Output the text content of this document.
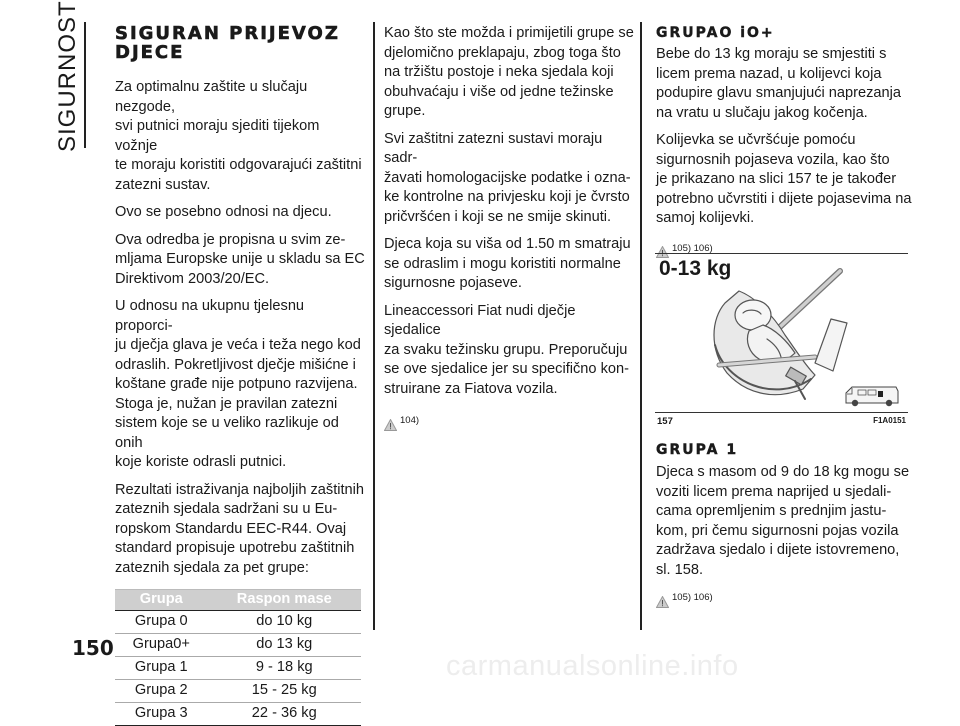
SIGURNOST SIGURAN PRIJEVOZ
DJECE

Za optimalnu zaštite u slučaju nezgode,
svi putnici moraju sjediti tijekom vožnje
te moraju koristiti odgovarajući zaštitni
zatezni sustav.

Ovo se posebno odnosi na djecu.

Ova odredba je propisna u svim ze-
mljama Europske unije u skladu sa EC
Direktivom 2003/20/EC.

U odnosu na ukupnu tjelesnu proporci-
ju dječja glava je veća i teža nego kod
odraslih. Pokretljivost dječje mišićne i
koštane građe nije potpuno razvijena.
Stoga je, nužan je pravilan zatezni
sistem koje se u veliko razlikuje od onih
koje koriste odrasli putnici.

Rezultati istraživanja najboljih zaštitnih
zateznih sjedala sadržani su u Eu-
ropskom Standardu EEC-R44. Ovaj
standard propisuje upotrebu zaštitnih
zateznih sjedala za pet grupe:

Grupa	Raspon mase
Grupa 0	do 10 kg
Grupa0+	do 13 kg
Grupa 1	9 - 18 kg
Grupa 2	15 - 25 kg
Grupa 3	22 - 36 kg

Kao što ste možda i primijetili grupe se
djelomično preklapaju, zbog toga što
na tržištu postoje i neka sjedala koji
obuhvaćaju i više od jedne težinske
grupe.

Svi zaštitni zatezni sustavi moraju sadr-
žavati homologacijske podatke i ozna-
ke kontrolne na privjesku koji je čvrsto
pričvršćen i koji se ne smije skinuti.

Djeca koja su viša od 1.50 m smatraju
se odraslim i mogu koristiti normalne
sigurnosne pojaseve.

Lineaccessori Fiat nudi dječje sjedalice
za svaku težinsku grupu. Preporučuju
se ove sjedalice jer su specifično kon-
struirane za Fiatova vozila.

104)
GRUPAO iO+

Bebe do 13 kg moraju se smjestiti s
licem prema nazad, u kolijevci koja
podupire glavu smanjujući naprezanja
na vratu u slučaju jakog kočenja.

Kolijevka se učvršćuje pomoću
sigurnosnih pojaseva vozila, kao što
je prikazano na slici 157 te je također
potrebno učvrstiti i dijete pojasevima na
samoj kolijevki.

105) 106)
0-13 kg
157	F1A0151
GRUPA 1

Djeca s masom od 9 do 18 kg mogu se
voziti licem prema naprijed u sjedali-
cama opremljenim s prednjim jastu-
kom, pri čemu sigurnosni pojas vozila
zadržava sjedalo i dijete istovremeno,
sl. 158.

105) 106)
150
carmanualsonline.info
